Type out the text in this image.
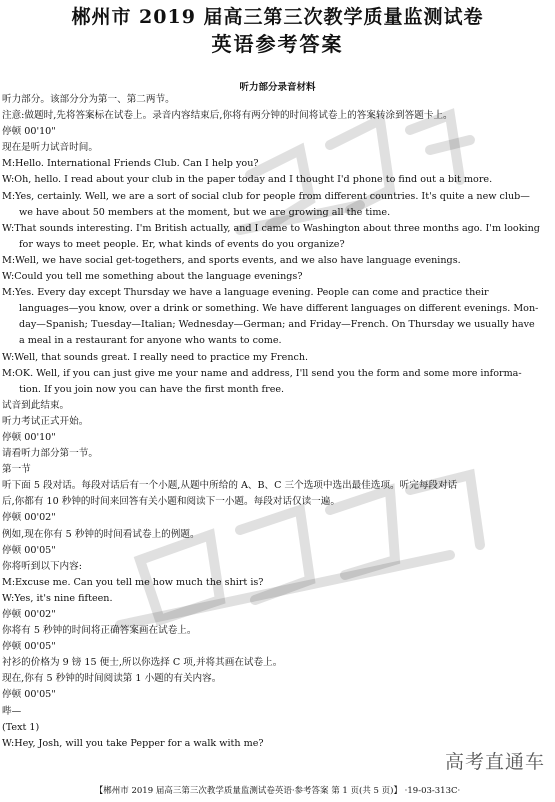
郴州市 2019 届高三第三次教学质量监测试卷
英语参考答案
听力部分录音材料
听力部分。该部分分为第一、第二两节。
注意:做题时,先将答案标在试卷上。录音内容结束后,你将有两分钟的时间将试卷上的答案转涂到答题卡上。
停顿 00'10"
现在是听力试音时间。
M:Hello. International Friends Club. Can I help you?
W:Oh, hello. I read about your club in the paper today and I thought I'd phone to find out a bit more.
M:Yes, certainly. Well, we are a sort of social club for people from different countries. It's quite a new club—
we have about 50 members at the moment, but we are growing all the time.
W:That sounds interesting. I'm British actually, and I came to Washington about three months ago. I'm looking
for ways to meet people. Er, what kinds of events do you organize?
M:Well, we have social get-togethers, and sports events, and we also have language evenings.
W:Could you tell me something about the language evenings?
M:Yes. Every day except Thursday we have a language evening. People can come and practice their
languages—you know, over a drink or something. We have different languages on different evenings. Mon-
day—Spanish; Tuesday—Italian; Wednesday—German; and Friday—French. On Thursday we usually have
a meal in a restaurant for anyone who wants to come.
W:Well, that sounds great. I really need to practice my French.
M:OK. Well, if you can just give me your name and address, I'll send you the form and some more informa-
tion. If you join now you can have the first month free.
试音到此结束。
听力考试正式开始。
停顿 00'10"
请看听力部分第一节。
第一节
听下面 5 段对话。每段对话后有一个小题,从题中所给的 A、B、C 三个选项中选出最佳选项。听完每段对话
后,你都有 10 秒钟的时间来回答有关小题和阅读下一小题。每段对话仅读一遍。
停顿 00'02"
例如,现在你有 5 秒钟的时间看试卷上的例题。
停顿 00'05"
你将听到以下内容:
M:Excuse me. Can you tell me how much the shirt is?
W:Yes, it's nine fifteen.
停顿 00'02"
你将有 5 秒钟的时间将正确答案画在试卷上。
停顿 00'05"
衬衫的价格为 9 镑 15 便士,所以你选择 C 项,并将其画在试卷上。
现在,你有 5 秒钟的时间阅读第 1 小题的有关内容。
停顿 00'05"
哔—
(Text 1)
W:Hey, Josh, will you take Pepper for a walk with me?
高考直通车
【郴州市 2019 届高三第三次教学质量监测试卷英语·参考答案 第 1 页(共 5 页)】 ·19-03-313C·
